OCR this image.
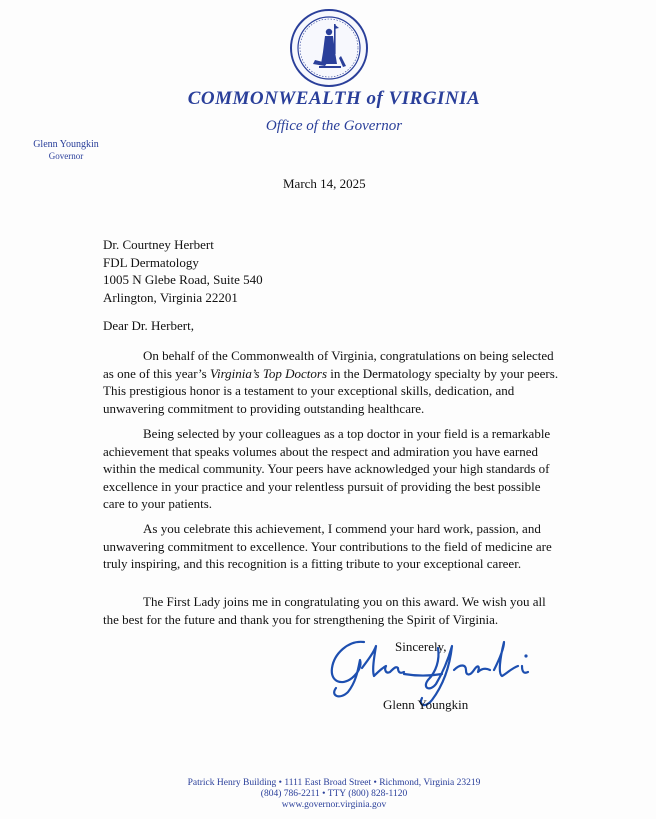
COMMONWEALTH of VIRGINIA
Office of the Governor
Glenn Youngkin
Governor
March 14, 2025
Dr. Courtney Herbert
FDL Dermatology
1005 N Glebe Road, Suite 540
Arlington, Virginia 22201
Dear Dr. Herbert,

On behalf of the Commonwealth of Virginia, congratulations on being selected as one of this year’s Virginia’s Top Doctors in the Dermatology specialty by your peers. This prestigious honor is a testament to your exceptional skills, dedication, and unwavering commitment to providing outstanding healthcare.

Being selected by your colleagues as a top doctor in your field is a remarkable achievement that speaks volumes about the respect and admiration you have earned within the medical community. Your peers have acknowledged your high standards of excellence in your practice and your relentless pursuit of providing the best possible care to your patients.

As you celebrate this achievement, I commend your hard work, passion, and unwavering commitment to excellence. Your contributions to the field of medicine are truly inspiring, and this recognition is a fitting tribute to your exceptional career.

The First Lady joins me in congratulating you on this award. We wish you all the best for the future and thank you for strengthening the Spirit of Virginia.

Sincerely,
Glenn Youngkin
Patrick Henry Building • 1111 East Broad Street • Richmond, Virginia 23219
(804) 786-2211 • TTY (800) 828-1120
www.governor.virginia.gov
